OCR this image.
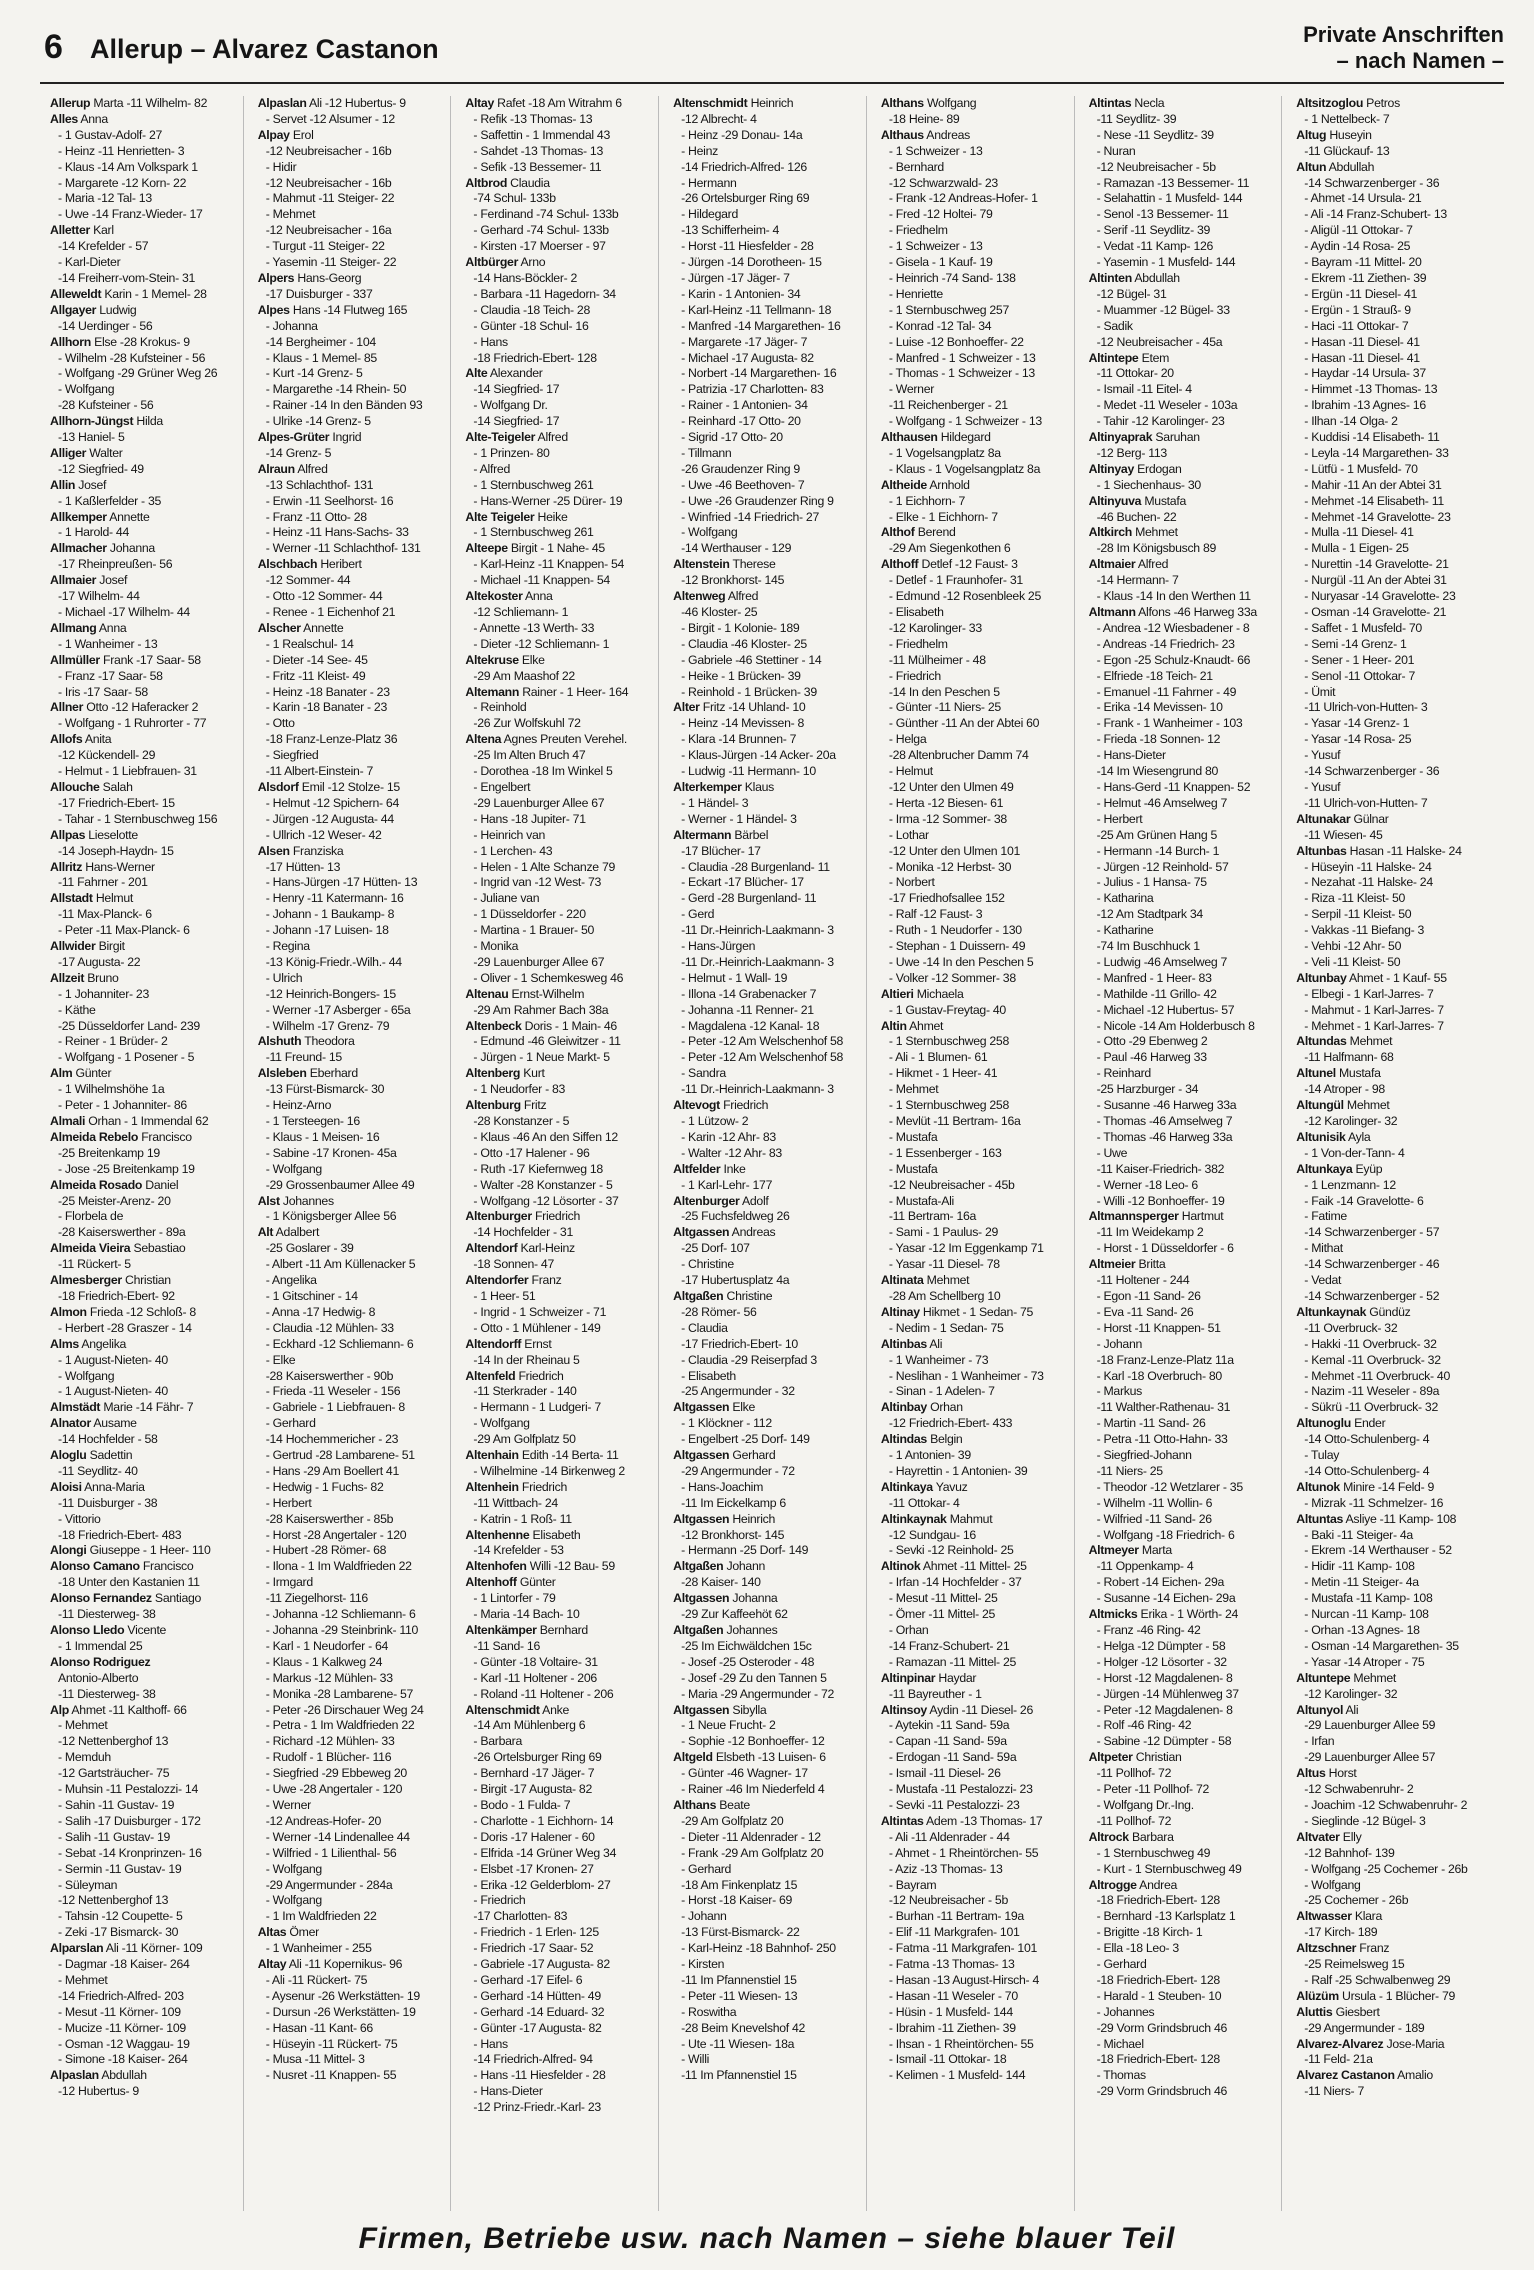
6 Allerup – Alvarez Castanon	Private Anschriften
– nach Namen –
Allerup Marta -11 Wilhelm- 82
Alles Anna
- 1 Gustav-Adolf- 27
- Heinz -11 Henrietten- 3
- Klaus -14 Am Volkspark 1
- Margarete -12 Korn- 22
- Maria -12 Tal- 13
- Uwe -14 Franz-Wieder- 17
Alletter Karl
-14 Krefelder - 57
- Karl-Dieter
-14 Freiherr-vom-Stein- 31
Alleweldt Karin - 1 Memel- 28
Allgayer Ludwig
-14 Uerdinger - 56
Allhorn Else -28 Krokus- 9
- Wilhelm -28 Kufsteiner - 56
- Wolfgang -29 Grüner Weg 26
- Wolfgang
-28 Kufsteiner - 56
Allhorn-Jüngst Hilda
-13 Haniel- 5
Alliger Walter
-12 Siegfried- 49
Allin Josef
- 1 Kaßlerfelder - 35
Allkemper Annette
- 1 Harold- 44
Allmacher Johanna
-17 Rheinpreußen- 56
Allmaier Josef
-17 Wilhelm- 44
- Michael -17 Wilhelm- 44
Allmang Anna
- 1 Wanheimer - 13
Allmüller Frank -17 Saar- 58
- Franz -17 Saar- 58
- Iris -17 Saar- 58
Allner Otto -12 Haferacker 2
- Wolfgang - 1 Ruhrorter - 77
Allofs Anita
-12 Kückendell- 29
- Helmut - 1 Liebfrauen- 31
Allouche Salah
-17 Friedrich-Ebert- 15
- Tahar - 1 Sternbuschweg 156
Allpas Lieselotte
-14 Joseph-Haydn- 15
Allritz Hans-Werner
-11 Fahrner - 201
Allstadt Helmut
-11 Max-Planck- 6
- Peter -11 Max-Planck- 6
Allwider Birgit
-17 Augusta- 22
Allzeit Bruno
- 1 Johanniter- 23
- Käthe
-25 Düsseldorfer Land- 239
- Reiner - 1 Brüder- 2
- Wolfgang - 1 Posener - 5
Alm Günter
- 1 Wilhelmshöhe 1a
- Peter - 1 Johanniter- 86
Almali Orhan - 1 Immendal 62
Almeida Rebelo Francisco
-25 Breitenkamp 19
- Jose -25 Breitenkamp 19
Almeida Rosado Daniel
-25 Meister-Arenz- 20
- Florbela de
-28 Kaiserswerther - 89a
Almeida Vieira Sebastiao
-11 Rückert- 5
Almesberger Christian
-18 Friedrich-Ebert- 92
Almon Frieda -12 Schloß- 8
- Herbert -28 Graszer - 14
Alms Angelika
- 1 August-Nieten- 40
- Wolfgang
- 1 August-Nieten- 40
Almstädt Marie -14 Fähr- 7
Alnator Ausame
-14 Hochfelder - 58
Aloglu Sadettin
-11 Seydlitz- 40
Aloisi Anna-Maria
-11 Duisburger - 38
- Vittorio
-18 Friedrich-Ebert- 483
Alongi Giuseppe - 1 Heer- 110
Alonso Camano Francisco
-18 Unter den Kastanien 11
Alonso Fernandez Santiago
-11 Diesterweg- 38
Alonso Lledo Vicente
- 1 Immendal 25
Alonso Rodriguez
Antonio-Alberto
-11 Diesterweg- 38
Alp Ahmet -11 Kalthoff- 66
- Mehmet
-12 Nettenberghof 13
- Memduh
-12 Gartsträucher- 75
- Muhsin -11 Pestalozzi- 14
- Sahin -11 Gustav- 19
- Salih -17 Duisburger - 172
- Salih -11 Gustav- 19
- Sebat -14 Kronprinzen- 16
- Sermin -11 Gustav- 19
- Süleyman
-12 Nettenberghof 13
- Tahsin -12 Coupette- 5
- Zeki -17 Bismarck- 30
Alparslan Ali -11 Körner- 109
- Dagmar -18 Kaiser- 264
- Mehmet
-14 Friedrich-Alfred- 203
- Mesut -11 Körner- 109
- Mucize -11 Körner- 109
- Osman -12 Waggau- 19
- Simone -18 Kaiser- 264
Alpaslan Abdullah
-12 Hubertus- 9
Alpaslan Ali -12 Hubertus- 9
- Servet -12 Alsumer - 12
Alpay Erol
-12 Neubreisacher - 16b
- Hidir
-12 Neubreisacher - 16b
- Mahmut -11 Steiger- 22
- Mehmet
-12 Neubreisacher - 16a
- Turgut -11 Steiger- 22
- Yasemin -11 Steiger- 22
Alpers Hans-Georg
-17 Duisburger - 337
Alpes Hans -14 Flutweg 165
- Johanna
-14 Bergheimer - 104
- Klaus - 1 Memel- 85
- Kurt -14 Grenz- 5
- Margarethe -14 Rhein- 50
- Rainer -14 In den Bänden 93
- Ulrike -14 Grenz- 5
Alpes-Grüter Ingrid
-14 Grenz- 5
Alraun Alfred
-13 Schlachthof- 131
- Erwin -11 Seelhorst- 16
- Franz -11 Otto- 28
- Heinz -11 Hans-Sachs- 33
- Werner -11 Schlachthof- 131
Alschbach Heribert
-12 Sommer- 44
- Otto -12 Sommer- 44
- Renee - 1 Eichenhof 21
Alscher Annette
- 1 Realschul- 14
- Dieter -14 See- 45
- Fritz -11 Kleist- 49
- Heinz -18 Banater - 23
- Karin -18 Banater - 23
- Otto
-18 Franz-Lenze-Platz 36
- Siegfried
-11 Albert-Einstein- 7
Alsdorf Emil -12 Stolze- 15
- Helmut -12 Spichern- 64
- Jürgen -12 Augusta- 44
- Ullrich -12 Weser- 42
Alsen Franziska
-17 Hütten- 13
- Hans-Jürgen -17 Hütten- 13
- Henry -11 Katermann- 16
- Johann - 1 Baukamp- 8
- Johann -17 Luisen- 18
- Regina
-13 König-Friedr.-Wilh.- 44
- Ulrich
-12 Heinrich-Bongers- 15
- Werner -17 Asberger - 65a
- Wilhelm -17 Grenz- 79
Alshuth Theodora
-11 Freund- 15
Alsleben Eberhard
-13 Fürst-Bismarck- 30
- Heinz-Arno
- 1 Tersteegen- 16
- Klaus - 1 Meisen- 16
- Sabine -17 Kronen- 45a
- Wolfgang
-29 Grossenbaumer Allee 49
Alst Johannes
- 1 Königsberger Allee 56
Alt Adalbert
-25 Goslarer - 39
- Albert -11 Am Küllenacker 5
- Angelika
- 1 Gitschiner - 14
- Anna -17 Hedwig- 8
- Claudia -12 Mühlen- 33
- Eckhard -12 Schliemann- 6
- Elke
-28 Kaiserswerther - 90b
- Frieda -11 Weseler - 156
- Gabriele - 1 Liebfrauen- 8
- Gerhard
-14 Hochemmericher - 23
- Gertrud -28 Lambarene- 51
- Hans -29 Am Boellert 41
- Hedwig - 1 Fuchs- 82
- Herbert
-28 Kaiserswerther - 85b
- Horst -28 Angertaler - 120
- Hubert -28 Römer- 68
- Ilona - 1 Im Waldfrieden 22
- Irmgard
-11 Ziegelhorst- 116
- Johanna -12 Schliemann- 6
- Johanna -29 Steinbrink- 110
- Karl - 1 Neudorfer - 64
- Klaus - 1 Kalkweg 24
- Markus -12 Mühlen- 33
- Monika -28 Lambarene- 57
- Peter -26 Dirschauer Weg 24
- Petra - 1 Im Waldfrieden 22
- Richard -12 Mühlen- 33
- Rudolf - 1 Blücher- 116
- Siegfried -29 Ebbeweg 20
- Uwe -28 Angertaler - 120
- Werner
-12 Andreas-Hofer- 20
- Werner -14 Lindenallee 44
- Wilfried - 1 Lilienthal- 56
- Wolfgang
-29 Angermunder - 284a
- Wolfgang
- 1 Im Waldfrieden 22
Altas Ömer
- 1 Wanheimer - 255
Altay Ali -11 Kopernikus- 96
- Ali -11 Rückert- 75
- Aysenur -26 Werkstätten- 19
- Dursun -26 Werkstätten- 19
- Hasan -11 Kant- 66
- Hüseyin -11 Rückert- 75
- Musa -11 Mittel- 3
- Nusret -11 Knappen- 55
Altay Rafet -18 Am Witrahm 6
- Refik -13 Thomas- 13
- Saffettin - 1 Immendal 43
- Sahdet -13 Thomas- 13
- Sefik -13 Bessemer- 11
Altbrod Claudia
-74 Schul- 133b
- Ferdinand -74 Schul- 133b
- Gerhard -74 Schul- 133b
- Kirsten -17 Moerser - 97
Altbürger Arno
-14 Hans-Böckler- 2
- Barbara -11 Hagedorn- 34
- Claudia -18 Teich- 28
- Günter -18 Schul- 16
- Hans
-18 Friedrich-Ebert- 128
Alte Alexander
-14 Siegfried- 17
- Wolfgang Dr.
-14 Siegfried- 17
Alte-Teigeler Alfred
- 1 Prinzen- 80
- Alfred
- 1 Sternbuschweg 261
- Hans-Werner -25 Dürer- 19
Alte Teigeler Heike
- 1 Sternbuschweg 261
Alteepe Birgit - 1 Nahe- 45
- Karl-Heinz -11 Knappen- 54
- Michael -11 Knappen- 54
Altekoster Anna
-12 Schliemann- 1
- Annette -13 Werth- 33
- Dieter -12 Schliemann- 1
Altekruse Elke
-29 Am Maashof 22
Altemann Rainer - 1 Heer- 164
- Reinhold
-26 Zur Wolfskuhl 72
Altena Agnes Preuten Verehel.
-25 Im Alten Bruch 47
- Dorothea -18 Im Winkel 5
- Engelbert
-29 Lauenburger Allee 67
- Hans -18 Jupiter- 71
- Heinrich van
- 1 Lerchen- 43
- Helen - 1 Alte Schanze 79
- Ingrid van -12 West- 73
- Juliane van
- 1 Düsseldorfer - 220
- Martina - 1 Brauer- 50
- Monika
-29 Lauenburger Allee 67
- Oliver - 1 Schemkesweg 46
Altenau Ernst-Wilhelm
-29 Am Rahmer Bach 38a
Altenbeck Doris - 1 Main- 46
- Edmund -46 Gleiwitzer - 11
- Jürgen - 1 Neue Markt- 5
Altenberg Kurt
- 1 Neudorfer - 83
Altenburg Fritz
-28 Konstanzer - 5
- Klaus -46 An den Siffen 12
- Otto -17 Halener - 96
- Ruth -17 Kiefernweg 18
- Walter -28 Konstanzer - 5
- Wolfgang -12 Lösorter - 37
Altenburger Friedrich
-14 Hochfelder - 31
Altendorf Karl-Heinz
-18 Sonnen- 47
Altendorfer Franz
- 1 Heer- 51
- Ingrid - 1 Schweizer - 71
- Otto - 1 Mühlener - 149
Altendorff Ernst
-14 In der Rheinau 5
Altenfeld Friedrich
-11 Sterkrader - 140
- Hermann - 1 Ludgeri- 7
- Wolfgang
-29 Am Golfplatz 50
Altenhain Edith -14 Berta- 11
- Wilhelmine -14 Birkenweg 2
Altenhein Friedrich
-11 Wittbach- 24
- Katrin - 1 Roß- 11
Altenhenne Elisabeth
-14 Krefelder - 53
Altenhofen Willi -12 Bau- 59
Altenhoff Günter
- 1 Lintorfer - 79
- Maria -14 Bach- 10
Altenkämper Bernhard
-11 Sand- 16
- Günter -18 Voltaire- 31
- Karl -11 Holtener - 206
- Roland -11 Holtener - 206
Altenschmidt Anke
-14 Am Mühlenberg 6
- Barbara
-26 Ortelsburger Ring 69
- Bernhard -17 Jäger- 7
- Birgit -17 Augusta- 82
- Bodo - 1 Fulda- 7
- Charlotte - 1 Eichhorn- 14
- Doris -17 Halener - 60
- Elfrida -14 Grüner Weg 34
- Elsbet -17 Kronen- 27
- Erika -12 Gelderblom- 27
- Friedrich
-17 Charlotten- 83
- Friedrich - 1 Erlen- 125
- Friedrich -17 Saar- 52
- Gabriele -17 Augusta- 82
- Gerhard -17 Eifel- 6
- Gerhard -14 Hütten- 49
- Gerhard -14 Eduard- 32
- Günter -17 Augusta- 82
- Hans
-14 Friedrich-Alfred- 94
- Hans -11 Hiesfelder - 28
- Hans-Dieter
-12 Prinz-Friedr.-Karl- 23
Altenschmidt Heinrich
-12 Albrecht- 4
- Heinz -29 Donau- 14a
- Heinz
-14 Friedrich-Alfred- 126
- Hermann
-26 Ortelsburger Ring 69
- Hildegard
-13 Schifferheim- 4
- Horst -11 Hiesfelder - 28
- Jürgen -14 Dorotheen- 15
- Jürgen -17 Jäger- 7
- Karin - 1 Antonien- 34
- Karl-Heinz -11 Tellmann- 18
- Manfred -14 Margarethen- 16
- Margarete -17 Jäger- 7
- Michael -17 Augusta- 82
- Norbert -14 Margarethen- 16
- Patrizia -17 Charlotten- 83
- Rainer - 1 Antonien- 34
- Reinhard -17 Otto- 20
- Sigrid -17 Otto- 20
- Tillmann
-26 Graudenzer Ring 9
- Uwe -46 Beethoven- 7
- Uwe -26 Graudenzer Ring 9
- Winfried -14 Friedrich- 27
- Wolfgang
-14 Werthauser - 129
Altenstein Therese
-12 Bronkhorst- 145
Altenweg Alfred
-46 Kloster- 25
- Birgit - 1 Kolonie- 189
- Claudia -46 Kloster- 25
- Gabriele -46 Stettiner - 14
- Heike - 1 Brücken- 39
- Reinhold - 1 Brücken- 39
Alter Fritz -14 Uhland- 10
- Heinz -14 Mevissen- 8
- Klara -14 Brunnen- 7
- Klaus-Jürgen -14 Acker- 20a
- Ludwig -11 Hermann- 10
Alterkemper Klaus
- 1 Händel- 3
- Werner - 1 Händel- 3
Altermann Bärbel
-17 Blücher- 17
- Claudia -28 Burgenland- 11
- Eckart -17 Blücher- 17
- Gerd -28 Burgenland- 11
- Gerd
-11 Dr.-Heinrich-Laakmann- 3
- Hans-Jürgen
-11 Dr.-Heinrich-Laakmann- 3
- Helmut - 1 Wall- 19
- Illona -14 Grabenacker 7
- Johanna -11 Renner- 21
- Magdalena -12 Kanal- 18
- Peter -12 Am Welschenhof 58
- Peter -12 Am Welschenhof 58
- Sandra
-11 Dr.-Heinrich-Laakmann- 3
Altevogt Friedrich
- 1 Lützow- 2
- Karin -12 Ahr- 83
- Walter -12 Ahr- 83
Altfelder Inke
- 1 Karl-Lehr- 177
Altenburger Adolf
-25 Fuchsfeldweg 26
Altgassen Andreas
-25 Dorf- 107
- Christine
-17 Hubertusplatz 4a
Altgaßen Christine
-28 Römer- 56
- Claudia
-17 Friedrich-Ebert- 10
- Claudia -29 Reiserpfad 3
- Elisabeth
-25 Angermunder - 32
Altgassen Elke
- 1 Klöckner - 112
- Engelbert -25 Dorf- 149
Altgassen Gerhard
-29 Angermunder - 72
- Hans-Joachim
-11 Im Eickelkamp 6
Altgassen Heinrich
-12 Bronkhorst- 145
- Hermann -25 Dorf- 149
Altgaßen Johann
-28 Kaiser- 140
Altgassen Johanna
-29 Zur Kaffeehöt 62
Altgaßen Johannes
-25 Im Eichwäldchen 15c
- Josef -25 Osteroder - 48
- Josef -29 Zu den Tannen 5
- Maria -29 Angermunder - 72
Altgassen Sibylla
- 1 Neue Frucht- 2
- Sophie -12 Bonhoeffer- 12
Altgeld Elsbeth -13 Luisen- 6
- Günter -46 Wagner- 17
- Rainer -46 Im Niederfeld 4
Althans Beate
-29 Am Golfplatz 20
- Dieter -11 Aldenrader - 12
- Frank -29 Am Golfplatz 20
- Gerhard
-18 Am Finkenplatz 15
- Horst -18 Kaiser- 69
- Johann
-13 Fürst-Bismarck- 22
- Karl-Heinz -18 Bahnhof- 250
- Kirsten
-11 Im Pfannenstiel 15
- Peter -11 Wiesen- 13
- Roswitha
-28 Beim Knevelshof 42
- Ute -11 Wiesen- 18a
- Willi
-11 Im Pfannenstiel 15
Althans Wolfgang
-18 Heine- 89
Althaus Andreas
- 1 Schweizer - 13
- Bernhard
-12 Schwarzwald- 23
- Frank -12 Andreas-Hofer- 1
- Fred -12 Holtei- 79
- Friedhelm
- 1 Schweizer - 13
- Gisela - 1 Kauf- 19
- Heinrich -74 Sand- 138
- Henriette
- 1 Sternbuschweg 257
- Konrad -12 Tal- 34
- Luise -12 Bonhoeffer- 22
- Manfred - 1 Schweizer - 13
- Thomas - 1 Schweizer - 13
- Werner
-11 Reichenberger - 21
- Wolfgang - 1 Schweizer - 13
Althausen Hildegard
- 1 Vogelsangplatz 8a
- Klaus - 1 Vogelsangplatz 8a
Altheide Arnhold
- 1 Eichhorn- 7
- Elke - 1 Eichhorn- 7
Althof Berend
-29 Am Siegenkothen 6
Althoff Detlef -12 Faust- 3
- Detlef - 1 Fraunhofer- 31
- Edmund -12 Rosenbleek 25
- Elisabeth
-12 Karolinger- 33
- Friedhelm
-11 Mülheimer - 48
- Friedrich
-14 In den Peschen 5
- Günter -11 Niers- 25
- Günther -11 An der Abtei 60
- Helga
-28 Altenbrucher Damm 74
- Helmut
-12 Unter den Ulmen 49
- Herta -12 Biesen- 61
- Irma -12 Sommer- 38
- Lothar
-12 Unter den Ulmen 101
- Monika -12 Herbst- 30
- Norbert
-17 Friedhofsallee 152
- Ralf -12 Faust- 3
- Ruth - 1 Neudorfer - 130
- Stephan - 1 Duissern- 49
- Uwe -14 In den Peschen 5
- Volker -12 Sommer- 38
Altieri Michaela
- 1 Gustav-Freytag- 40
Altin Ahmet
- 1 Sternbuschweg 258
- Ali - 1 Blumen- 61
- Hikmet - 1 Heer- 41
- Mehmet
- 1 Sternbuschweg 258
- Mevlüt -11 Bertram- 16a
- Mustafa
- 1 Essenberger - 163
- Mustafa
-12 Neubreisacher - 45b
- Mustafa-Ali
-11 Bertram- 16a
- Sami - 1 Paulus- 29
- Yasar -12 Im Eggenkamp 71
- Yasar -11 Diesel- 78
Altinata Mehmet
-28 Am Schellberg 10
Altinay Hikmet - 1 Sedan- 75
- Nedim - 1 Sedan- 75
Altinbas Ali
- 1 Wanheimer - 73
- Neslihan - 1 Wanheimer - 73
- Sinan - 1 Adelen- 7
Altinbay Orhan
-12 Friedrich-Ebert- 433
Altindas Belgin
- 1 Antonien- 39
- Hayrettin - 1 Antonien- 39
Altinkaya Yavuz
-11 Ottokar- 4
Altinkaynak Mahmut
-12 Sundgau- 16
- Sevki -12 Reinhold- 25
Altinok Ahmet -11 Mittel- 25
- Irfan -14 Hochfelder - 37
- Mesut -11 Mittel- 25
- Ömer -11 Mittel- 25
- Orhan
-14 Franz-Schubert- 21
- Ramazan -11 Mittel- 25
Altinpinar Haydar
-11 Bayreuther - 1
Altinsoy Aydin -11 Diesel- 26
- Aytekin -11 Sand- 59a
- Capan -11 Sand- 59a
- Erdogan -11 Sand- 59a
- Ismail -11 Diesel- 26
- Mustafa -11 Pestalozzi- 23
- Sevki -11 Pestalozzi- 23
Altintas Adem -13 Thomas- 17
- Ali -11 Aldenrader - 44
- Ahmet - 1 Rheintörchen- 55
- Aziz -13 Thomas- 13
- Bayram
-12 Neubreisacher - 5b
- Burhan -11 Bertram- 19a
- Elif -11 Markgrafen- 101
- Fatma -11 Markgrafen- 101
- Fatma -13 Thomas- 13
- Hasan -13 August-Hirsch- 4
- Hasan -11 Weseler - 70
- Hüsin - 1 Musfeld- 144
- Ibrahim -11 Ziethen- 39
- Ihsan - 1 Rheintörchen- 55
- Ismail -11 Ottokar- 18
- Kelimen - 1 Musfeld- 144
Altintas Necla
-11 Seydlitz- 39
- Nese -11 Seydlitz- 39
- Nuran
-12 Neubreisacher - 5b
- Ramazan -13 Bessemer- 11
- Selahattin - 1 Musfeld- 144
- Senol -13 Bessemer- 11
- Serif -11 Seydlitz- 39
- Vedat -11 Kamp- 126
- Yasemin - 1 Musfeld- 144
Altinten Abdullah
-12 Bügel- 31
- Muammer -12 Bügel- 33
- Sadik
-12 Neubreisacher - 45a
Altintepe Etem
-11 Ottokar- 20
- Ismail -11 Eitel- 4
- Medet -11 Weseler - 103a
- Tahir -12 Karolinger- 23
Altinyaprak Saruhan
-12 Berg- 113
Altinyay Erdogan
- 1 Siechenhaus- 30
Altinyuva Mustafa
-46 Buchen- 22
Altkirch Mehmet
-28 Im Königsbusch 89
Altmaier Alfred
-14 Hermann- 7
- Klaus -14 In den Werthen 11
Altmann Alfons -46 Harweg 33a
- Andrea -12 Wiesbadener - 8
- Andreas -14 Friedrich- 23
- Egon -25 Schulz-Knaudt- 66
- Elfriede -18 Teich- 21
- Emanuel -11 Fahrner - 49
- Erika -14 Mevissen- 10
- Frank - 1 Wanheimer - 103
- Frieda -18 Sonnen- 12
- Hans-Dieter
-14 Im Wiesengrund 80
- Hans-Gerd -11 Knappen- 52
- Helmut -46 Amselweg 7
- Herbert
-25 Am Grünen Hang 5
- Hermann -14 Burch- 1
- Jürgen -12 Reinhold- 57
- Julius - 1 Hansa- 75
- Katharina
-12 Am Stadtpark 34
- Katharine
-74 Im Buschhuck 1
- Ludwig -46 Amselweg 7
- Manfred - 1 Heer- 83
- Mathilde -11 Grillo- 42
- Michael -12 Hubertus- 57
- Nicole -14 Am Holderbusch 8
- Otto -29 Ebenweg 2
- Paul -46 Harweg 33
- Reinhard
-25 Harzburger - 34
- Susanne -46 Harweg 33a
- Thomas -46 Amselweg 7
- Thomas -46 Harweg 33a
- Uwe
-11 Kaiser-Friedrich- 382
- Werner -18 Leo- 6
- Willi -12 Bonhoeffer- 19
Altmannsperger Hartmut
-11 Im Weidekamp 2
- Horst - 1 Düsseldorfer - 6
Altmeier Britta
-11 Holtener - 244
- Egon -11 Sand- 26
- Eva -11 Sand- 26
- Horst -11 Knappen- 51
- Johann
-18 Franz-Lenze-Platz 11a
- Karl -18 Overbruch- 80
- Markus
-11 Walther-Rathenau- 31
- Martin -11 Sand- 26
- Petra -11 Otto-Hahn- 33
- Siegfried-Johann
-11 Niers- 25
- Theodor -12 Wetzlarer - 35
- Wilhelm -11 Wollin- 6
- Wilfried -11 Sand- 26
- Wolfgang -18 Friedrich- 6
Altmeyer Marta
-11 Oppenkamp- 4
- Robert -14 Eichen- 29a
- Susanne -14 Eichen- 29a
Altmicks Erika - 1 Wörth- 24
- Franz -46 Ring- 42
- Helga -12 Dümpter - 58
- Holger -12 Lösorter - 32
- Horst -12 Magdalenen- 8
- Jürgen -14 Mühlenweg 37
- Peter -12 Magdalenen- 8
- Rolf -46 Ring- 42
- Sabine -12 Dümpter - 58
Altpeter Christian
-11 Pollhof- 72
- Peter -11 Pollhof- 72
- Wolfgang Dr.-Ing.
-11 Pollhof- 72
Altrock Barbara
- 1 Sternbuschweg 49
- Kurt - 1 Sternbuschweg 49
Altrogge Andrea
-18 Friedrich-Ebert- 128
- Bernhard -13 Karlsplatz 1
- Brigitte -18 Kirch- 1
- Ella -18 Leo- 3
- Gerhard
-18 Friedrich-Ebert- 128
- Harald - 1 Steuben- 10
- Johannes
-29 Vorm Grindsbruch 46
- Michael
-18 Friedrich-Ebert- 128
- Thomas
-29 Vorm Grindsbruch 46
Altsitzoglou Petros
- 1 Nettelbeck- 7
Altug Huseyin
-11 Glückauf- 13
Altun Abdullah
-14 Schwarzenberger - 36
- Ahmet -14 Ursula- 21
- Ali -14 Franz-Schubert- 13
- Aligül -11 Ottokar- 7
- Aydin -14 Rosa- 25
- Bayram -11 Mittel- 20
- Ekrem -11 Ziethen- 39
- Ergün -11 Diesel- 41
- Ergün - 1 Strauß- 9
- Haci -11 Ottokar- 7
- Hasan -11 Diesel- 41
- Hasan -11 Diesel- 41
- Haydar -14 Ursula- 37
- Himmet -13 Thomas- 13
- Ibrahim -13 Agnes- 16
- Ilhan -14 Olga- 2
- Kuddisi -14 Elisabeth- 11
- Leyla -14 Margarethen- 33
- Lütfü - 1 Musfeld- 70
- Mahir -11 An der Abtei 31
- Mehmet -14 Elisabeth- 11
- Mehmet -14 Gravelotte- 23
- Mulla -11 Diesel- 41
- Mulla - 1 Eigen- 25
- Nurettin -14 Gravelotte- 21
- Nurgül -11 An der Abtei 31
- Nuryasar -14 Gravelotte- 23
- Osman -14 Gravelotte- 21
- Saffet - 1 Musfeld- 70
- Semi -14 Grenz- 1
- Sener - 1 Heer- 201
- Senol -11 Ottokar- 7
- Ümit
-11 Ulrich-von-Hutten- 3
- Yasar -14 Grenz- 1
- Yasar -14 Rosa- 25
- Yusuf
-14 Schwarzenberger - 36
- Yusuf
-11 Ulrich-von-Hutten- 7
Altunakar Gülnar
-11 Wiesen- 45
Altunbas Hasan -11 Halske- 24
- Hüseyin -11 Halske- 24
- Nezahat -11 Halske- 24
- Riza -11 Kleist- 50
- Serpil -11 Kleist- 50
- Vakkas -11 Biefang- 3
- Vehbi -12 Ahr- 50
- Veli -11 Kleist- 50
Altunbay Ahmet - 1 Kauf- 55
- Elbegi - 1 Karl-Jarres- 7
- Mahmut - 1 Karl-Jarres- 7
- Mehmet - 1 Karl-Jarres- 7
Altundas Mehmet
-11 Halfmann- 68
Altunel Mustafa
-14 Atroper - 98
Altungül Mehmet
-12 Karolinger- 32
Altunisik Ayla
- 1 Von-der-Tann- 4
Altunkaya Eyüp
- 1 Lenzmann- 12
- Faik -14 Gravelotte- 6
- Fatime
-14 Schwarzenberger - 57
- Mithat
-14 Schwarzenberger - 46
- Vedat
-14 Schwarzenberger - 52
Altunkaynak Gündüz
-11 Overbruck- 32
- Hakki -11 Overbruck- 32
- Kemal -11 Overbruck- 32
- Mehmet -11 Overbruck- 40
- Nazim -11 Weseler - 89a
- Sükrü -11 Overbruck- 32
Altunoglu Ender
-14 Otto-Schulenberg- 4
- Tulay
-14 Otto-Schulenberg- 4
Altunok Minire -14 Feld- 9
- Mizrak -11 Schmelzer- 16
Altuntas Asliye -11 Kamp- 108
- Baki -11 Steiger- 4a
- Ekrem -14 Werthauser - 52
- Hidir -11 Kamp- 108
- Metin -11 Steiger- 4a
- Mustafa -11 Kamp- 108
- Nurcan -11 Kamp- 108
- Orhan -13 Agnes- 18
- Osman -14 Margarethen- 35
- Yasar -14 Atroper - 75
Altuntepe Mehmet
-12 Karolinger- 32
Altunyol Ali
-29 Lauenburger Allee 59
- Irfan
-29 Lauenburger Allee 57
Altus Horst
-12 Schwabenruhr- 2
- Joachim -12 Schwabenruhr- 2
- Sieglinde -12 Bügel- 3
Altvater Elly
-12 Bahnhof- 139
- Wolfgang -25 Cochemer - 26b
- Wolfgang
-25 Cochemer - 26b
Altwasser Klara
-17 Kirch- 189
Altzschner Franz
-25 Reimelsweg 15
- Ralf -25 Schwalbenweg 29
Alüzüm Ursula - 1 Blücher- 79
Aluttis Giesbert
-29 Angermunder - 189
Alvarez-Alvarez Jose-Maria
-11 Feld- 21a
Alvarez Castanon Amalio
-11 Niers- 7
Firmen, Betriebe usw. nach Namen – siehe blauer Teil
